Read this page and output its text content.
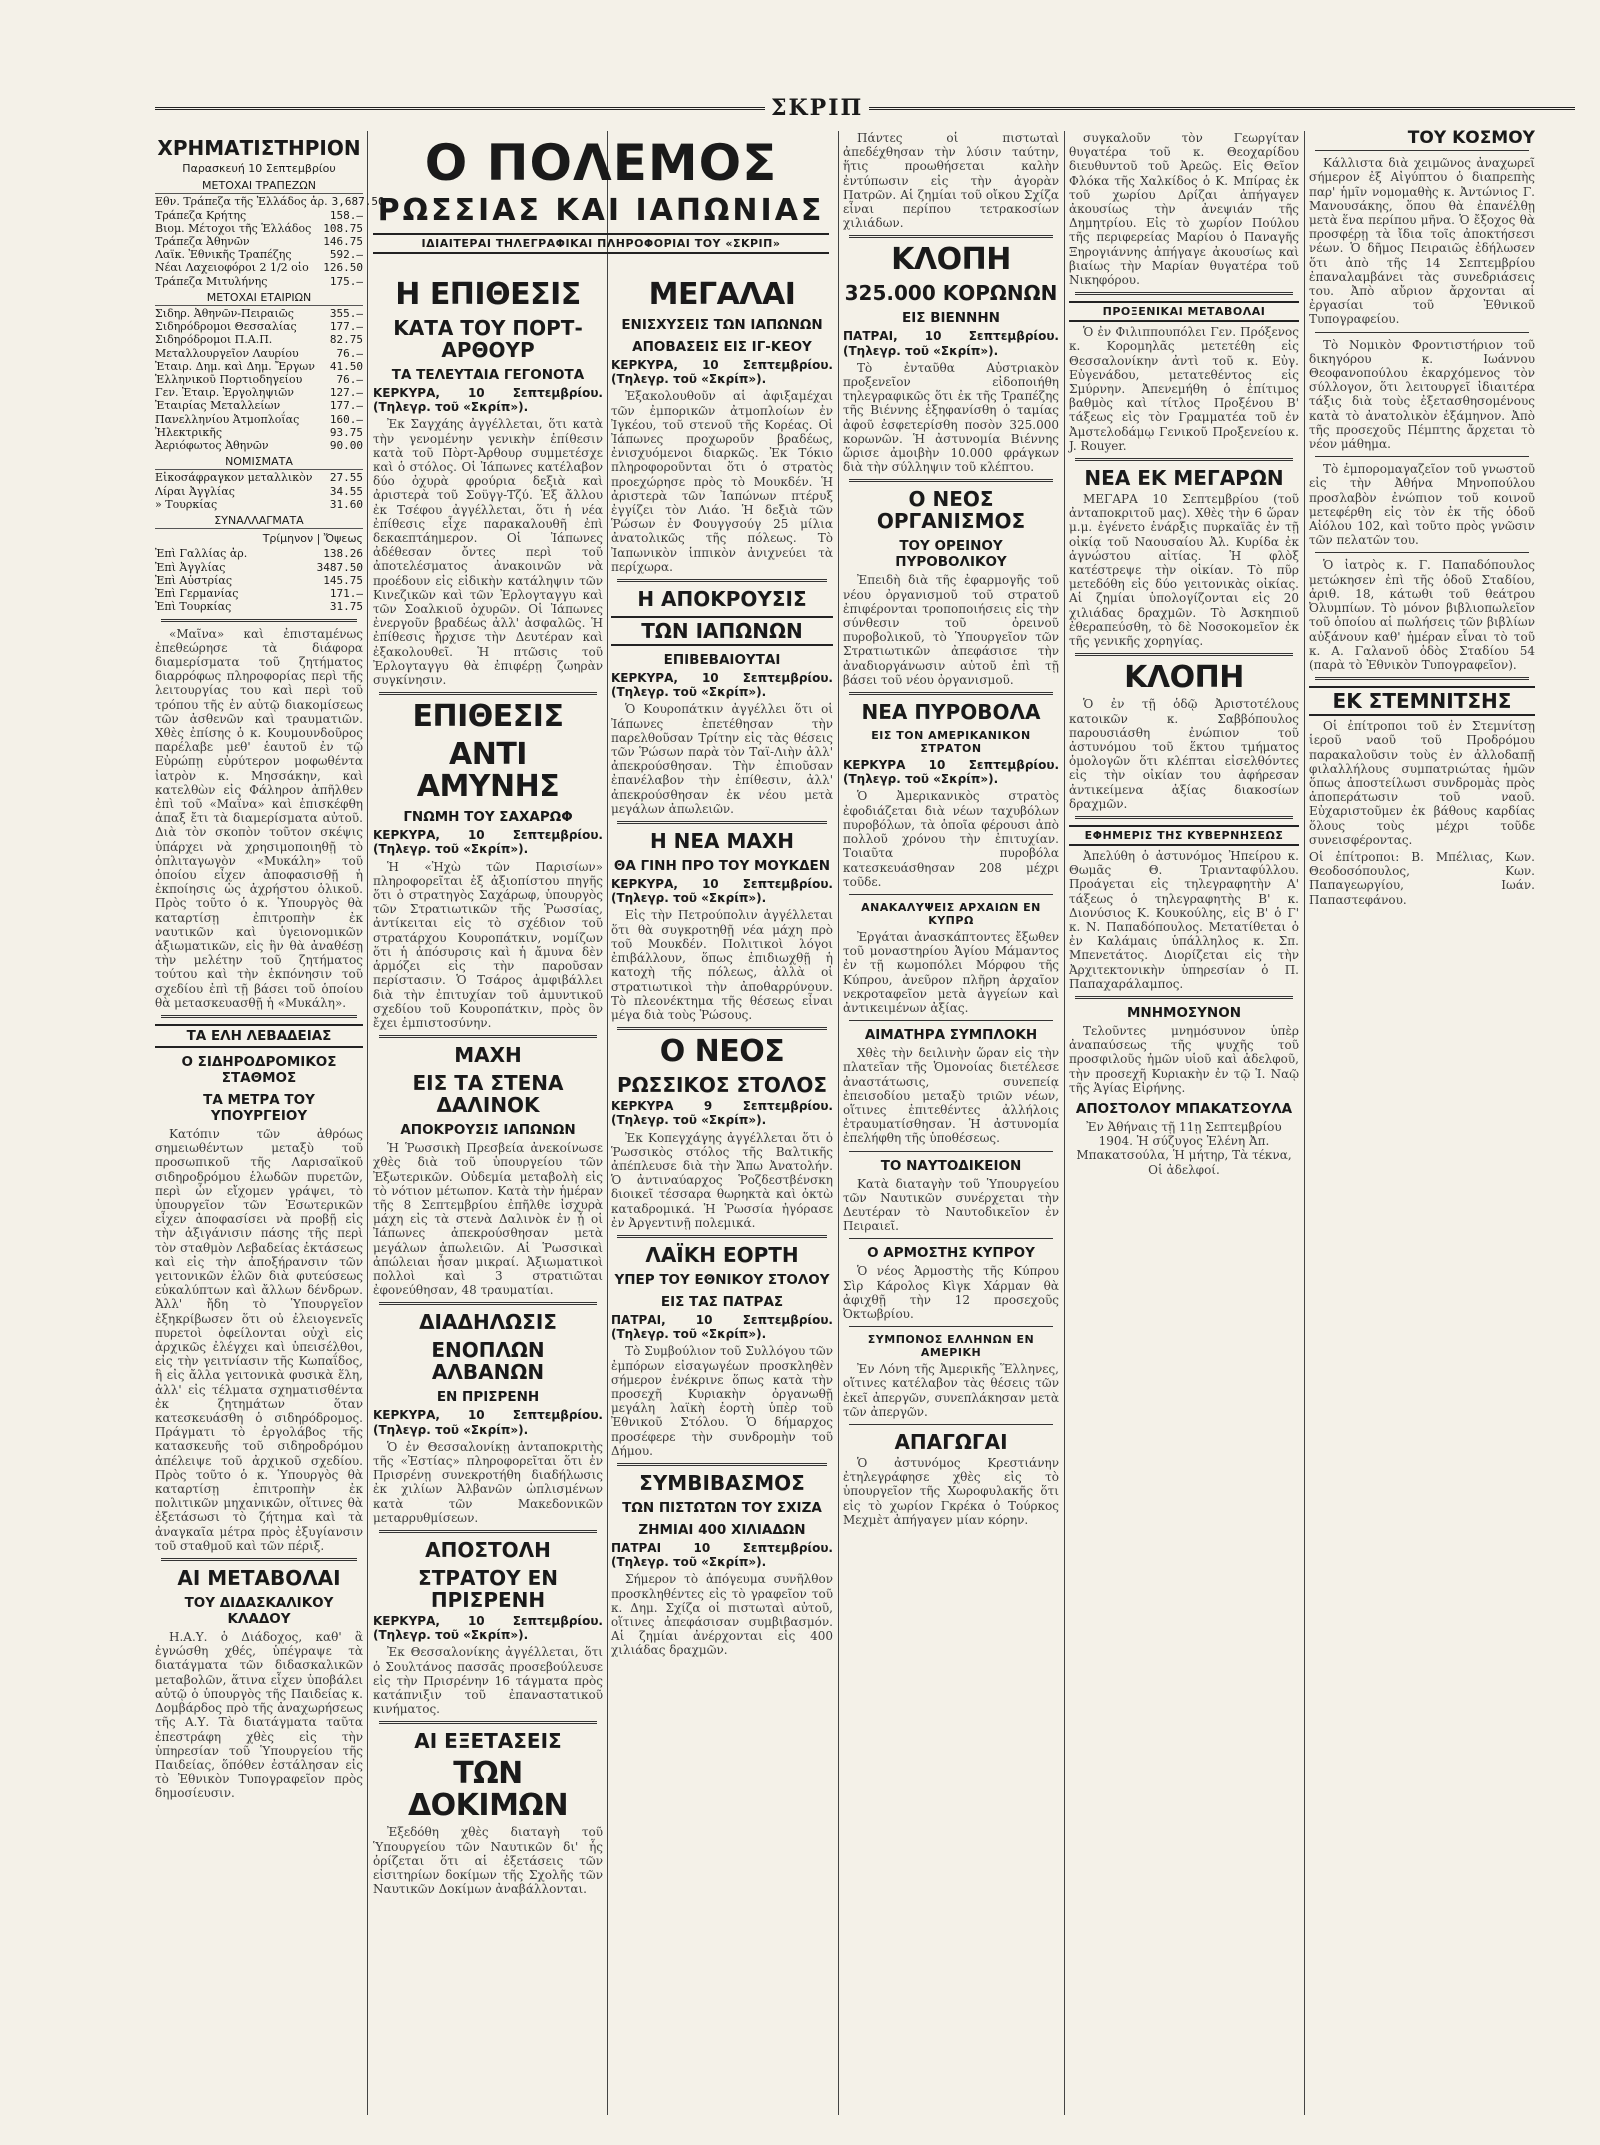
ΣΚΡΙΠ
ΧΡΗΜΑΤΙΣΤΗΡΙΟΝ
Παρασκευή 10 Σεπτεμβρίου
ΜΕΤΟΧΑΙ ΤΡΑΠΕΖΩΝ
Εθν. Τράπεζα τῆς Ἑλλάδος ἀρ. 3,687.50
Τράπεζα Κρήτης	158.—
Βιομ. Μέτοχοι τῆς Ἑλλάδος	108.75
Τράπεζα Ἀθηνῶν	146.75
Λαϊκ. Ἐθνικῆς Τραπέζης	592.—
Νέαι Λαχειοφόροι 2 1/2 οἰο	126.50
Τράπεζα Μιτυλήνης	175.—
ΜΕΤΟΧΑΙ ΕΤΑΙΡΙΩΝ
Σιδηρ. Ἀθηνῶν-Πειραιῶς	355.—
Σιδηρόδρομοι Θεσσαλίας	177.—
Σιδηρόδρομοι Π.Α.Π.	82.75
Μεταλλουργεῖον Λαυρίου	76.—
Ἐταιρ. Δημ. καὶ Δημ. Ἔργων	41.50
Ἑλληνικοῦ Πορτιοδηγείου	76.—
Γεν. Ἐταιρ. Ἐργοληψιῶν	127.—
Ἐταιρίας Μεταλλείων	177.—
Πανελληνίου Ἀτμοπλοΐας	160.—
Ἠλεκτρικῆς	93.75
Ἀεριόφωτος Ἀθηνῶν	90.00
ΝΟΜΙΣΜΑΤΑ
Εἰκοσάφραγκον μεταλλικὸν	27.55
Λίραι Ἀγγλίας	34.55
» Τουρκίας	31.60
ΣΥΝΑΛΛΑΓΜΑΤΑ
Τρίμηνον | Ὄψεως
Ἐπὶ Γαλλίας ἀρ.	138.26
Ἐπὶ Ἀγγλίας	3487.50
Ἐπὶ Αὐστρίας	145.75
Ἐπὶ Γερμανίας	171.—
Ἐπὶ Τουρκίας	31.75

«Μαῖνα» καὶ ἐπισταμένως ἐπεθεώρησε τὰ διάφορα διαμερίσματα τοῦ ζητήματος διαρρόφως πληροφορίας περὶ τῆς λειτουργίας του καὶ περὶ τοῦ τρόπου τῆς ἐν αὐτῷ διακομίσεως τῶν ἀσθενῶν καὶ τραυματιῶν. Χθὲς ἐπίσης ὁ κ. Κουμουνδοῦρος παρέλαβε μεθ' ἑαυτοῦ ἐν τῷ Εὐρώπῃ εὐρύτερον μοφωθέντα ἰατρὸν κ. Μησσάκην, καὶ κατελθὼν εἰς Φάληρον ἀπῆλθεν ἐπὶ τοῦ «Μαΐνα» καὶ ἐπισκέφθη ἁπαξ ἔτι τὰ διαμερίσματα αὐτοῦ. Διὰ τὸν σκοπὸν τοῦτον σκέψις ὑπάρχει νὰ χρησιμοποιηθῇ τὸ ὁπλιταγωγὸν «Μυκάλη» τοῦ ὁποίου εἶχεν ἀποφασισθῇ ἡ ἐκποίησις ὡς ἀχρήστου ὁλικοῦ. Πρὸς τοῦτο ὁ κ. Ὑπουργὸς θὰ καταρτίσῃ ἐπιτροπὴν ἐκ ναυτικῶν καὶ ὑγειονομικῶν ἀξιωματικῶν, εἰς ἣν θὰ ἀναθέσῃ τὴν μελέτην τοῦ ζητήματος τούτου καὶ τὴν ἐκπόνησιν τοῦ σχεδίου ἐπὶ τῇ βάσει τοῦ ὁποίου θὰ μετασκευασθῇ ἡ «Μυκάλη».

ΤΑ ΕΛΗ ΛΕΒΑΔΕΙΑΣ
Ο ΣΙΔΗΡΟΔΡΟΜΙΚΟΣ ΣΤΑΘΜΟΣ
ΤΑ ΜΕΤΡΑ ΤΟΥ ΥΠΟΥΡΓΕΙΟΥ

Κατόπιν τῶν ἀθρόως σημειωθέντων μεταξὺ τοῦ προσωπικοῦ τῆς Λαρισαϊκοῦ σιδηροδρόμου ἑλωδῶν πυρετῶν, περὶ ὧν εἴχομεν γράψει, τὸ ὑπουργεῖον τῶν Ἐσωτερικῶν εἶχεν ἀποφασίσει νὰ προβῇ εἰς τὴν ἀξιγάνισιν πάσης τῆς περὶ τὸν σταθμὸν Λεβαδείας ἐκτάσεως καὶ εἰς τὴν ἀποξήρανσιν τῶν γειτονικῶν ἑλῶν διὰ φυτεύσεως εὐκαλύπτων καὶ ἄλλων δένδρων. Ἀλλ' ἤδη τὸ Ὑπουργεῖον ἐξηκρίβωσεν ὅτι οὐ ἐλειογενεῖς πυρετοὶ ὀφείλονται οὐχὶ εἰς ἀρχικῶς ἐλέγχει καὶ ὑπεισέλθοι, εἰς τὴν γειτνίασιν τῆς Κωπαΐδος, ἣ εἰς ἄλλα γειτονικὰ φυσικὰ ἕλη, ἀλλ' εἰς τέλματα σχηματισθέντα ἐκ ζητημάτων ὅταν κατεσκευάσθη ὁ σιδηρόδρομος. Πράγματι τὸ ἐργολάβος τῆς κατασκευῆς τοῦ σιδηροδρόμου ἀπέλειψε τοῦ ἀρχικοῦ σχεδίου. Πρὸς τοῦτο ὁ κ. Ὑπουργὸς θὰ καταρτίσῃ ἐπιτροπὴν ἐκ πολιτικῶν μηχανικῶν, οἵτινες θὰ ἐξετάσωσι τὸ ζήτημα καὶ τὰ ἀναγκαῖα μέτρα πρὸς ἐξυγίανσιν τοῦ σταθμοῦ καὶ τῶν πέριξ.

ΑΙ ΜΕΤΑΒΟΛΑΙ
ΤΟΥ ΔΙΔΑΣΚΑΛΙΚΟΥ ΚΛΑΔΟΥ

Η.Α.Υ. ὁ Διάδοχος, καθ' ἃ ἐγνώσθη χθές, ὑπέγραψε τὰ διατάγματα τῶν διδασκαλικῶν μεταβολῶν, ἅτινα εἶχεν ὑποβάλει αὐτῷ ὁ ὑπουργὸς τῆς Παιδείας κ. Δομβάρδος πρὸ τῆς ἀναχωρήσεως τῆς Α.Υ. Τὰ διατάγματα ταῦτα ἐπεστράφη χθὲς εἰς τὴν ὑπηρεσίαν τοῦ Ὑπουργείου τῆς Παιδείας, ὅπόθεν ἐστάλησαν εἰς τὸ Ἐθνικὸν Τυπογραφεῖον πρὸς δημοσίευσιν.

Ο ΠΟΛΕΜΟΣ
ΡΩΣΣΙΑΣ ΚΑΙ ΙΑΠΩΝΙΑΣ
ΙΔΙΑΙΤΕΡΑΙ ΤΗΛΕΓΡΑΦΙΚΑΙ ΠΛΗΡΟΦΟΡΙΑΙ ΤΟΥ «ΣΚΡΙΠ»
Η ΕΠΙΘΕΣΙΣ
ΚΑΤΑ ΤΟΥ ΠΟΡΤ-ΑΡΘΟΥΡ
ΤΑ ΤΕΛΕΥΤΑΙΑ ΓΕΓΟΝΟΤΑ

ΚΕΡΚΥΡΑ, 10 Σεπτεμβρίου. (Τηλεγρ. τοῦ «Σκρίπ»).

Ἐκ Σαγχάης ἀγγέλλεται, ὅτι κατὰ τὴν γενομένην γενικὴν ἐπίθεσιν κατὰ τοῦ Πὸρτ-Ἀρθουρ συμμετέσχε καὶ ὁ στόλος. Οἱ Ἰάπωνες κατέλαβον δύο ὀχυρὰ φρούρια δεξιὰ καὶ ἀριστερὰ τοῦ Σοϋγγ-Τζύ. Ἐξ ἄλλου ἐκ Τσέφου ἀγγέλλεται, ὅτι ἡ νέα ἐπίθεσις εἶχε παρακαλουθῆ ἐπὶ δεκαεπτάημερον. Οἱ Ἰάπωνες ἀδέθεσαν ὄντες περὶ τοῦ ἀποτελέσματος ἀνακοινῶν νὰ προέδουν εἰς εἰδικὴν κατάληψιν τῶν Κινεζικῶν καὶ τῶν Ἐρλογταγγυ καὶ τῶν Σοαλκιοῦ ὀχυρῶν. Οἱ Ἰάπωνες ἐνεργοῦν βραδέως ἀλλ' ἀσφαλῶς. Ἡ ἐπίθεσις ἤρχισε τὴν Δευτέραν καὶ ἐξακολουθεῖ. Ἡ πτῶσις τοῦ Ἐρλογταγγυ θὰ ἐπιφέρῃ ζωηρὰν συγκίνησιν.

ΕΠΙΘΕΣΙΣ
ΑΝΤΙ ΑΜΥΝΗΣ
ΓΝΩΜΗ ΤΟΥ ΣΑΧΑΡΩΦ

ΚΕΡΚΥΡΑ, 10 Σεπτεμβρίου. (Τηλεγρ. τοῦ «Σκρίπ»).

Ἡ «Ἠχὼ τῶν Παρισίων» πληροφορεῖται ἐξ ἀξιοπίστου πηγῆς ὅτι ὁ στρατηγὸς Σαχάρωφ, ὑπουργὸς τῶν Στρατιωτικῶν τῆς Ῥωσσίας, ἀντίκειται εἰς τὸ σχέδιον τοῦ στρατάρχου Κουροπάτκιν, νομίζων ὅτι ἡ ἀπόσυρσις καὶ ἡ ἄμυνα δὲν ἁρμόζει εἰς τὴν παροῦσαν περίστασιν. Ὁ Τσάρος ἀμφιβάλλει διὰ τὴν ἐπιτυχίαν τοῦ ἀμυντικοῦ σχεδίου τοῦ Κουροπάτκιν, πρὸς ὃν ἔχει ἐμπιστοσύνην.

ΜΑΧΗ
ΕΙΣ ΤΑ ΣΤΕΝΑ ΔΑΛΙΝΟΚ
ΑΠΟΚΡΟΥΣΙΣ ΙΑΠΩΝΩΝ

Ἡ Ῥωσσικὴ Πρεσβεία ἀνεκοίνωσε χθὲς διὰ τοῦ ὑπουργείου τῶν Ἐξωτερικῶν. Οὐδεμία μεταβολὴ εἰς τὸ νότιον μέτωπον. Κατὰ τὴν ἡμέραν τῆς 8 Σεπτεμβρίου ἐπῆλθε ἰσχυρὰ μάχη εἰς τὰ στενὰ Δαλινὸκ ἐν ᾗ οἱ Ἰάπωνες ἀπεκρούσθησαν μετὰ μεγάλων ἀπωλειῶν. Αἱ Ῥωσσικαὶ ἀπώλειαι ἦσαν μικραί. Ἀξιωματικοὶ πολλοὶ καὶ 3 στρατιῶται ἐφονεύθησαν, 48 τραυματίαι.

ΔΙΑΔΗΛΩΣΙΣ
ΕΝΟΠΛΩΝ ΑΛΒΑΝΩΝ
ΕΝ ΠΡΙΣΡΕΝΗ

ΚΕΡΚΥΡΑ, 10 Σεπτεμβρίου. (Τηλεγρ. τοῦ «Σκρίπ»).

Ὁ ἐν Θεσσαλονίκῃ ἀνταποκριτὴς τῆς «Ἐστίας» πληροφορεῖται ὅτι ἐν Πρισρένῃ συνεκροτήθη διαδήλωσις ἐκ χιλίων Ἀλβανῶν ὡπλισμένων κατὰ τῶν Μακεδονικῶν μεταρρυθμίσεων.

ΑΠΟΣΤΟΛΗ
ΣΤΡΑΤΟΥ ΕΝ ΠΡΙΣΡΕΝΗ

ΚΕΡΚΥΡΑ, 10 Σεπτεμβρίου. (Τηλεγρ. τοῦ «Σκρίπ»).

Ἐκ Θεσσαλονίκης ἀγγέλλεται, ὅτι ὁ Σουλτάνος πασσᾶς προσεβούλευσε εἰς τὴν Πρισρένην 16 τάγματα πρὸς κατάπνιξιν τοῦ ἐπαναστατικοῦ κινήματος.

ΑΙ ΕΞΕΤΑΣΕΙΣ
ΤΩΝ ΔΟΚΙΜΩΝ

Ἐξεδόθη χθὲς διαταγὴ τοῦ Ὑπουργείου τῶν Ναυτικῶν δι' ἧς ὁρίζεται ὅτι αἱ ἐξετάσεις τῶν εἰσιτηρίων δοκίμων τῆς Σχολῆς τῶν Ναυτικῶν Δοκίμων ἀναβάλλονται.

ΜΕΓΑΛΑΙ
ΕΝΙΣΧΥΣΕΙΣ ΤΩΝ ΙΑΠΩΝΩΝ
ΑΠΟΒΑΣΕΙΣ ΕΙΣ ΙΓ-ΚΕΟΥ

ΚΕΡΚΥΡΑ, 10 Σεπτεμβρίου. (Τηλεγρ. τοῦ «Σκρίπ»).

Ἐξακολουθοῦν αἱ ἀφιξαμέχαι τῶν ἐμπορικῶν ἀτμοπλοίων ἐν Ἰγκέου, τοῦ στενοῦ τῆς Κορέας. Οἱ Ἰάπωνες προχωροῦν βραδέως, ἐνισχυόμενοι διαρκῶς. Ἐκ Τόκιο πληροφοροῦνται ὅτι ὁ στρατὸς προεχώρησε πρὸς τὸ Μουκδέν. Ἡ ἀριστερὰ τῶν Ἰαπώνων πτέρυξ ἐγγίζει τὸν Λιάο. Ἡ δεξιὰ τῶν Ῥώσων ἐν Φουγγσούγ 25 μίλια ἀνατολικῶς τῆς πόλεως. Τὸ Ἰαπωνικὸν ἱππικὸν ἀνιχνεύει τὰ περίχωρα.

Η ΑΠΟΚΡΟΥΣΙΣ
ΤΩΝ ΙΑΠΩΝΩΝ
ΕΠΙΒΕΒΑΙΟΥΤΑΙ

ΚΕΡΚΥΡΑ, 10 Σεπτεμβρίου. (Τηλεγρ. τοῦ «Σκρίπ»).

Ὁ Κουροπάτκιν ἀγγέλλει ὅτι οἱ Ἰάπωνες ἐπετέθησαν τὴν παρελθοῦσαν Τρίτην εἰς τὰς θέσεις τῶν Ῥώσων παρὰ τὸν Ταϊ-Λιὴν ἀλλ' ἀπεκρούσθησαν. Τὴν ἐπιοῦσαν ἐπανέλαβον τὴν ἐπίθεσιν, ἀλλ' ἀπεκρούσθησαν ἐκ νέου μετὰ μεγάλων ἀπωλειῶν.

Η ΝΕΑ ΜΑΧΗ
ΘΑ ΓΙΝΗ ΠΡΟ ΤΟΥ ΜΟΥΚΔΕΝ

ΚΕΡΚΥΡΑ, 10 Σεπτεμβρίου. (Τηλεγρ. τοῦ «Σκρίπ»).

Εἰς τὴν Πετρούπολιν ἀγγέλλεται ὅτι θὰ συγκροτηθῇ νέα μάχη πρὸ τοῦ Μουκδέν. Πολιτικοὶ λόγοι ἐπιβάλλουν, ὅπως ἐπιδιωχθῇ ἡ κατοχὴ τῆς πόλεως, ἀλλὰ οἱ στρατιωτικοὶ τὴν ἀποθαρρύνουν. Τὸ πλεονέκτημα τῆς θέσεως εἶναι μέγα διὰ τοὺς Ῥώσους.

Ο ΝΕΟΣ
ΡΩΣΣΙΚΟΣ ΣΤΟΛΟΣ

ΚΕΡΚΥΡΑ 9 Σεπτεμβρίου. (Τηλεγρ. τοῦ «Σκρίπ»).

Ἐκ Κοπεγχάγης ἀγγέλλεται ὅτι ὁ Ῥωσσικὸς στόλος τῆς Βαλτικῆς ἀπέπλευσε διὰ τὴν Ἄπω Ἀνατολήν. Ὁ ἀντιναύαρχος Ῥοζδεστβένσκη διοικεῖ τέσσαρα θωρηκτὰ καὶ ὀκτὼ καταδρομικά. Ἡ Ῥωσσία ἠγόρασε ἐν Ἀργεντινῇ πολεμικά.

ΛΑΪΚΗ ΕΟΡΤΗ
ΥΠΕΡ ΤΟΥ ΕΘΝΙΚΟΥ ΣΤΟΛΟΥ
ΕΙΣ ΤΑΣ ΠΑΤΡΑΣ

ΠΑΤΡΑΙ, 10 Σεπτεμβρίου. (Τηλεγρ. τοῦ «Σκρίπ»).

Τὸ Συμβούλιον τοῦ Συλλόγου τῶν ἐμπόρων εἰσαγωγέων προσκληθὲν σήμερον ἐνέκρινε ὅπως κατὰ τὴν προσεχῆ Κυριακὴν ὀργανωθῇ μεγάλη λαϊκὴ ἑορτὴ ὑπὲρ τοῦ Ἐθνικοῦ Στόλου. Ὁ δήμαρχος προσέφερε τὴν συνδρομὴν τοῦ Δήμου.

ΣΥΜΒΙΒΑΣΜΟΣ
ΤΩΝ ΠΙΣΤΩΤΩΝ ΤΟΥ ΣΧΙΖΑ
ΖΗΜΙΑΙ 400 ΧΙΛΙΑΔΩΝ

ΠΑΤΡΑΙ 10 Σεπτεμβρίου. (Τηλεγρ. τοῦ «Σκρίπ»).

Σήμερον τὸ ἀπόγευμα συνῆλθον προσκληθέντες εἰς τὸ γραφεῖον τοῦ κ. Δημ. Σχίζα οἱ πιστωταὶ αὐτοῦ, οἵτινες ἀπεφάσισαν συμβιβασμόν. Αἱ ζημίαι ἀνέρχονται εἰς 400 χιλιάδας δραχμῶν.

Πάντες οἱ πιστωταὶ ἀπεδέχθησαν τὴν λύσιν ταύτην, ἥτις προωθήσεται καλὴν ἐντύπωσιν εἰς τὴν ἀγορὰν Πατρῶν. Αἱ ζημίαι τοῦ οἴκου Σχίζα εἶναι περίπου τετρακοσίων χιλιάδων.

ΚΛΟΠΗ
325.000 ΚΟΡΩΝΩΝ
ΕΙΣ ΒΙΕΝΝΗΝ

ΠΑΤΡΑΙ, 10 Σεπτεμβρίου. (Τηλεγρ. τοῦ «Σκρίπ»).

Τὸ ἐνταῦθα Αὐστριακὸν προξενεῖον εἰδοποιήθη τηλεγραφικῶς ὅτι ἐκ τῆς Τραπέζης τῆς Βιέννης ἐξηφανίσθη ὁ ταμίας ἀφοῦ ἐσφετερίσθη ποσὸν 325.000 κορωνῶν. Ἡ ἀστυνομία Βιέννης ὥρισε ἀμοιβὴν 10.000 φράγκων διὰ τὴν σύλληψιν τοῦ κλέπτου.

Ο ΝΕΟΣ ΟΡΓΑΝΙΣΜΟΣ
ΤΟΥ ΟΡΕΙΝΟΥ ΠΥΡΟΒΟΛΙΚΟΥ

Ἐπειδὴ διὰ τῆς ἐφαρμογῆς τοῦ νέου ὀργανισμοῦ τοῦ στρατοῦ ἐπιφέρονται τροποποιήσεις εἰς τὴν σύνθεσιν τοῦ ὀρεινοῦ πυροβολικοῦ, τὸ Ὑπουργεῖον τῶν Στρατιωτικῶν ἀπεφάσισε τὴν ἀναδιοργάνωσιν αὐτοῦ ἐπὶ τῇ βάσει τοῦ νέου ὀργανισμοῦ.

ΝΕΑ ΠΥΡΟΒΟΛΑ
ΕΙΣ ΤΟΝ ΑΜΕΡΙΚΑΝΙΚΟΝ ΣΤΡΑΤΟΝ

ΚΕΡΚΥΡΑ 10 Σεπτεμβρίου. (Τηλεγρ. τοῦ «Σκρίπ»).

Ὁ Ἀμερικανικὸς στρατὸς ἐφοδιάζεται διὰ νέων ταχυβόλων πυροβόλων, τὰ ὁποῖα φέρουσι ἀπὸ πολλοῦ χρόνου τὴν ἐπιτυχίαν. Τοιαῦτα πυροβόλα κατεσκευάσθησαν 208 μέχρι τοῦδε.

ΑΝΑΚΑΛΥΨΕΙΣ ΑΡΧΑΙΩΝ ΕΝ ΚΥΠΡΩ

Ἐργάται ἀνασκάπτοντες ἔξωθεν τοῦ μοναστηρίου Ἁγίου Μάμαντος ἐν τῇ κωμοπόλει Μόρφου τῆς Κύπρου, ἀνεῦρον πλῆρη ἀρχαῖον νεκροταφεῖον μετὰ ἀγγείων καὶ ἀντικειμένων ἀξίας.

ΑΙΜΑΤΗΡΑ ΣΥΜΠΛΟΚΗ

Χθὲς τὴν δειλινὴν ὥραν εἰς τὴν πλατεῖαν τῆς Ὁμονοίας διετέλεσε ἀναστάτωσις, συνεπείᾳ ἐπεισοδίου μεταξὺ τριῶν νέων, οἵτινες ἐπιτεθέντες ἀλλήλοις ἐτραυματίσθησαν. Ἡ ἀστυνομία ἐπελήφθη τῆς ὑποθέσεως.

ΤΟ ΝΑΥΤΟΔΙΚΕΙΟΝ

Κατὰ διαταγὴν τοῦ Ὑπουργείου τῶν Ναυτικῶν συνέρχεται τὴν Δευτέραν τὸ Ναυτοδικεῖον ἐν Πειραιεῖ.

Ο ΑΡΜΟΣΤΗΣ ΚΥΠΡΟΥ

Ὁ νέος Ἁρμοστὴς τῆς Κύπρου Σὶρ Κάρολος Κὶγκ Χάρμαν θὰ ἀφιχθῇ τὴν 12 προσεχοῦς Ὀκτωβρίου.

ΣΥΜΠΟΝΟΣ ΕΛΛΗΝΩΝ ΕΝ ΑΜΕΡΙΚΗ

Ἐν Λόνη τῆς Ἀμερικῆς Ἕλληνες, οἵτινες κατέλαβον τὰς θέσεις τῶν ἐκεῖ ἀπεργῶν, συνεπλάκησαν μετὰ τῶν ἀπεργῶν.

ΑΠΑΓΩΓΑΙ

Ὁ ἀστυνόμος Κρεστιάνην ἐτηλεγράφησε χθὲς εἰς τὸ ὑπουργεῖον τῆς Χωροφυλακῆς ὅτι εἰς τὸ χωρίον Γκρέκα ὁ Τούρκος Μεχμὲτ ἀπήγαγεν μίαν κόρην.

συγκαλοῦν τὸν Γεωργίταν θυγατέρα τοῦ κ. Θεοχαρίδου διευθυντοῦ τοῦ Ἀρεῶς. Εἰς Θεῖον Φλόκα τῆς Χαλκίδος ὁ Κ. Μπίρας ἐκ τοῦ χωρίου Δρίζαι ἀπήγαγεν ἀκουσίως τὴν ἀνεψιάν τῆς Δημητρίου. Εἰς τὸ χωρίον Πούλου τῆς περιφερείας Μαρίου ὁ Παναγῆς Ξηρογιάννης ἀπήγαγε ἀκουσίως καὶ βιαίως τὴν Μαρίαν θυγατέρα τοῦ Νικηφόρου.

ΠΡΟΞΕΝΙΚΑΙ ΜΕΤΑΒΟΛΑΙ

Ὁ ἐν Φιλιππουπόλει Γεν. Πρόξενος κ. Κορομηλᾶς μετετέθη εἰς Θεσσαλονίκην ἀντὶ τοῦ κ. Εὐγ. Εὐγενάδου, μετατεθέντος εἰς Σμύρνην. Ἀπενεμήθη ὁ ἐπίτιμος βαθμὸς καὶ τίτλος Προξένου Β' τάξεως εἰς τὸν Γραμματέα τοῦ ἐν Ἀμστελοδάμῳ Γενικοῦ Προξενείου κ. J. Rouyer.

ΝΕΑ ΕΚ ΜΕΓΑΡΩΝ

ΜΕΓΑΡΑ 10 Σεπτεμβρίου (τοῦ ἀνταποκριτοῦ μας). Χθὲς τὴν 6 ὥραν μ.μ. ἐγένετο ἐνάρξις πυρκαϊᾶς ἐν τῇ οἰκίᾳ τοῦ Ναουσαίου Ἀλ. Κυρίδα ἐκ ἀγνώστου αἰτίας. Ἡ φλὸξ κατέστρεψε τὴν οἰκίαν. Τὸ πῦρ μετεδόθη εἰς δύο γειτονικὰς οἰκίας. Αἱ ζημίαι ὑπολογίζονται εἰς 20 χιλιάδας δραχμῶν. Τὸ Ἀσκηπιοῦ ἐθεραπεύσθη, τὸ δὲ Νοσοκομεῖον ἐκ τῆς γενικῆς χορηγίας.

ΚΛΟΠΗ

Ὁ ἐν τῇ ὁδῷ Ἀριστοτέλους κατοικῶν κ. Σαββόπουλος παρουσιάσθη ἐνώπιον τοῦ ἀστυνόμου τοῦ ἕκτου τμήματος ὁμολογῶν ὅτι κλέπται εἰσελθόντες εἰς τὴν οἰκίαν του ἀφήρεσαν ἀντικείμενα ἀξίας διακοσίων δραχμῶν.

ΕΦΗΜΕΡΙΣ ΤΗΣ ΚΥΒΕΡΝΗΣΕΩΣ

Ἀπελύθη ὁ ἀστυνόμος Ἠπείρου κ. Θωμᾶς Θ. Τριανταφύλλου. Προάγεται εἰς τηλεγραφητὴν Α' τάξεως ὁ τηλεγραφητὴς Β' κ. Διονύσιος Κ. Κουκούλης, εἰς Β' ὁ Γ' κ. Ν. Παπαδόπουλος. Μετατίθεται ὁ ἐν Καλάμαις ὑπάλληλος κ. Σπ. Μπενετάτος. Διορίζεται εἰς τὴν Ἀρχιτεκτονικὴν ὑπηρεσίαν ὁ Π. Παπαχαράλαμπος.

ΜΝΗΜΟΣΥΝΟΝ

Τελοῦντες μνημόσυνον ὑπὲρ ἀναπαύσεως τῆς ψυχῆς τοῦ προσφιλοῦς ἡμῶν υἱοῦ καὶ ἀδελφοῦ, τὴν προσεχῆ Κυριακὴν ἐν τῷ Ἱ. Ναῷ τῆς Ἁγίας Εἰρήνης.

ΑΠΟΣΤΟΛΟΥ ΜΠΑΚΑΤΣΟΥΛΑ

Ἐν Ἀθήναις τῇ 11ῃ Σεπτεμβρίου 1904. Ἡ σύζυγος Ἑλένη Ἀπ. Μπακατσούλα, Ἡ μήτηρ, Τὰ τέκνα, Οἱ ἀδελφοί.

ΤΟΥ ΚΟΣΜΟΥ

Κάλλιστα διὰ χειμῶνος ἀναχωρεῖ σήμερον ἐξ Αἰγύπτου ὁ διαπρεπὴς παρ' ἡμῖν νομομαθὴς κ. Ἀντώνιος Γ. Μανουσάκης, ὅπου θὰ ἐπανέλθῃ μετὰ ἕνα περίπου μῆνα. Ὁ ἔξοχος θὰ προσφέρῃ τὰ ἴδια τοῖς ἀποκτήσεσι νέων. Ὁ δῆμος Πειραιῶς ἐδήλωσεν ὅτι ἀπὸ τῆς 14 Σεπτεμβρίου ἐπαναλαμβάνει τὰς συνεδριάσεις του. Ἀπὸ αὔριον ἄρχονται αἱ ἐργασίαι τοῦ Ἐθνικοῦ Τυπογραφείου.

Τὸ Νομικὸν Φροντιστήριον τοῦ δικηγόρου κ. Ιωάννου Θεοφανοπούλου ἐκαρχόμενος τὸν σύλλογον, ὅτι λειτουργεῖ ἰδιαιτέρα τάξις διὰ τοὺς ἐξετασθησομένους κατὰ τὸ ἀνατολικὸν ἑξάμηνον. Ἀπὸ τῆς προσεχοῦς Πέμπτης ἄρχεται τὸ νέον μάθημα.

Τὸ ἐμπορομαγαζεῖον τοῦ γνωστοῦ εἰς τὴν Ἀθήνα Μηνοπούλου προσλαβὸν ἐνώπιον τοῦ κοινοῦ μετεφέρθη εἰς τὸν ἐκ τῆς ὁδοῦ Αἰόλου 102, καὶ τοῦτο πρὸς γνῶσιν τῶν πελατῶν του.

Ὁ ἰατρὸς κ. Γ. Παπαδόπουλος μετώκησεν ἐπὶ τῆς ὁδοῦ Σταδίου, ἀριθ. 18, κάτωθι τοῦ θεάτρου Ὀλυμπίων. Τὸ μόνον βιβλιοπωλεῖον τοῦ ὁποίου αἱ πωλήσεις τῶν βιβλίων αὐξάνουν καθ' ἡμέραν εἶναι τὸ τοῦ κ. Α. Γαλανοῦ ὁδὸς Σταδίου 54 (παρὰ τὸ Ἐθνικὸν Τυπογραφεῖον).

ΕΚ ΣΤΕΜΝΙΤΣΗΣ

Οἱ ἐπίτροποι τοῦ ἐν Στεμνίτσῃ ἱεροῦ ναοῦ τοῦ Προδρόμου παρακαλοῦσιν τοὺς ἐν ἀλλοδαπῇ φιλαλλήλους συμπατριώτας ἡμῶν ὅπως ἀποστείλωσι συνδρομὰς πρὸς ἀποπεράτωσιν τοῦ ναοῦ. Εὐχαριστοῦμεν ἐκ βάθους καρδίας ὅλους τοὺς μέχρι τοῦδε συνεισφέροντας.

Οἱ ἐπίτροποι: Β. Μπέλιας, Κων. Θεοδοσόπουλος, Κων. Παπαγεωργίου, Ιωάν. Παπαστεφάνου.
